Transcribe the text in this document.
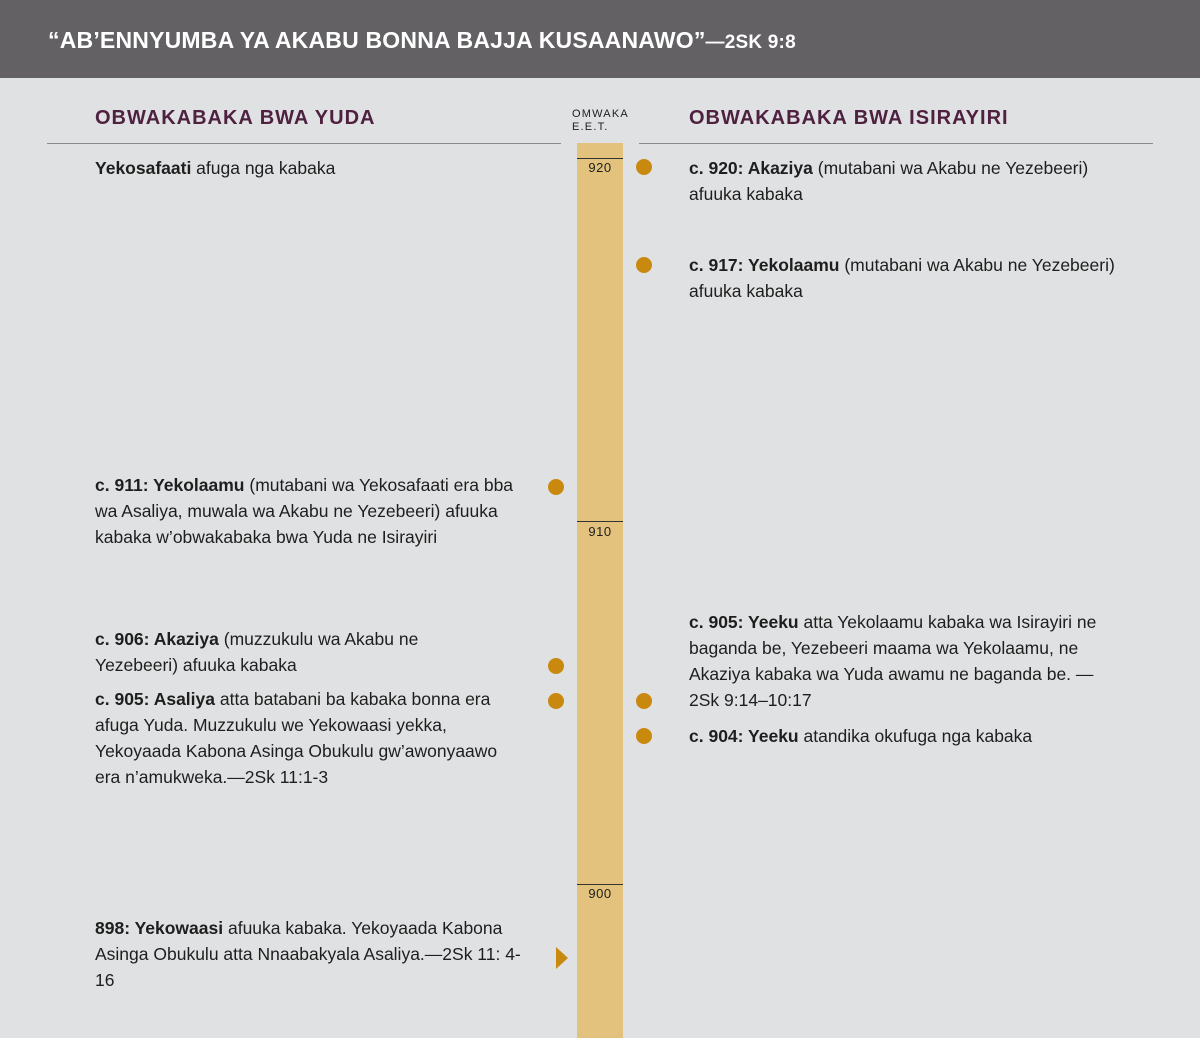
“AB’ENNYUMBA YA AKABU BONNA BAJJA KUSAANAWO”—2SK 9:8
OBWAKABAKA BWA YUDA	OBWAKABAKA BWA ISIRAYIRI
OMWAKA
E.E.T.
920
910
900
Yekosafaati afuga nga kabaka
c. 911: Yekolaamu (mutabani wa Yekosafaati era bba wa Asaliya, muwala wa Akabu ne Yezebeeri) afuuka kabaka w’obwakabaka bwa Yuda ne Isirayiri
c. 906: Akaziya (muzzukulu wa Akabu ne Yezebeeri) afuuka kabaka
c. 905: Asaliya atta batabani ba kabaka bonna era afuga Yuda. Muzzukulu we Yekowaasi yekka, Yekoyaada Kabona Asinga Obukulu gw’awonyaawo era n’amukweka.—2Sk 11:1-3
898: Yekowaasi afuuka kabaka. Yekoyaada Kabona Asinga Obukulu atta Nnaabakyala Asaliya.—2Sk 11: 4-16
c. 920: Akaziya (mutabani wa Akabu ne Yezebeeri) afuuka kabaka
c. 917: Yekolaamu (mutabani wa Akabu ne Yezebeeri) afuuka kabaka
c. 905: Yeeku atta Yekolaamu kabaka wa Isirayiri ne baganda be, Yezebeeri maama wa Yekolaamu, ne Akaziya kabaka wa Yuda awamu ne baganda be. —2Sk 9:14–10:17
c. 904: Yeeku atandika okufuga nga kabaka
